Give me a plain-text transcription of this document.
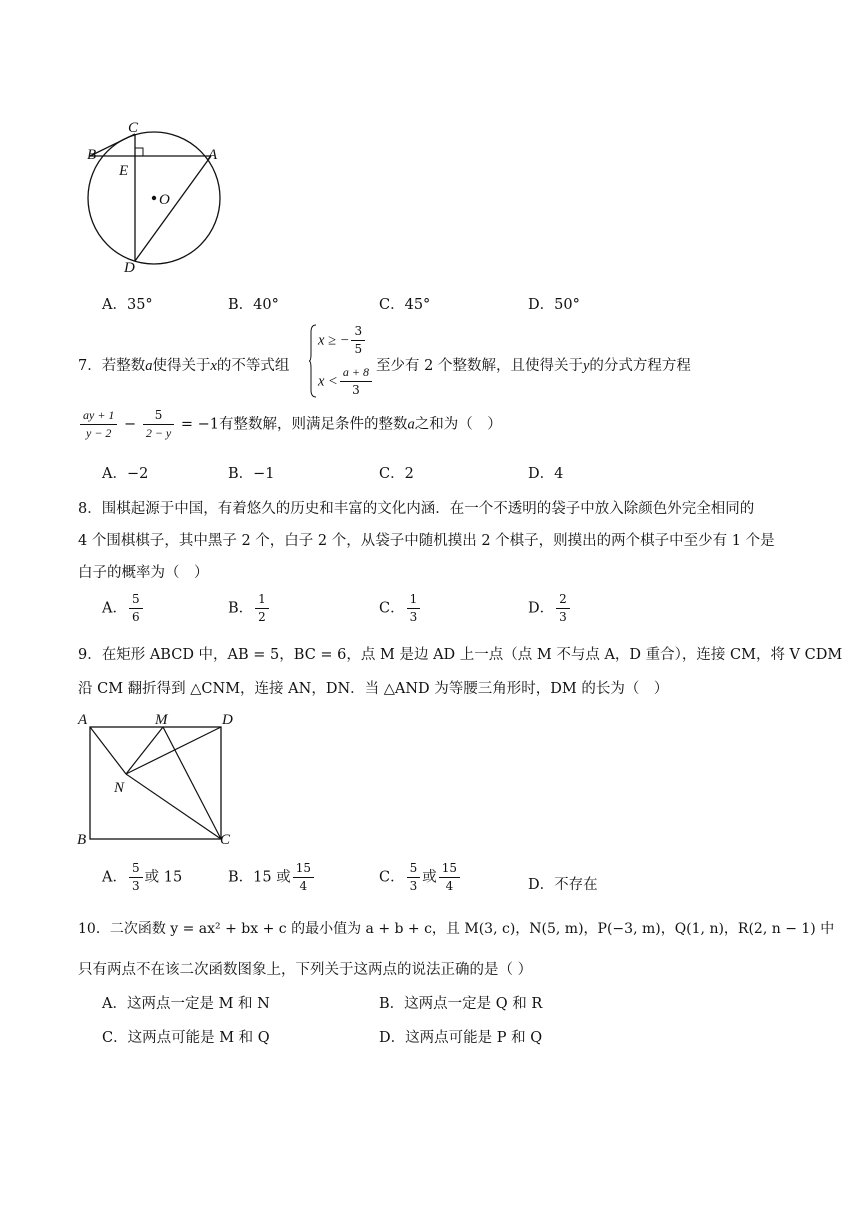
C
B	A
E
O
D
A．35°	B．40°	C．45°	D．50°
7．若整数a使得关于x的不等式组
x ≥ − $\frac{3}{5}$
$x < \frac{a + 8}{3}$ 至少有 2 个整数解，且使得关于y的分式方程方程
$\frac{ay + 1}{y - 2} - \frac{5}{2 - y} = -1$有整数解，则满足条件的整数a之和为（　）
A．−2	B．−1	C．2	D．4
8．围棋起源于中国，有着悠久的历史和丰富的文化内涵．在一个不透明的袋子中放入除颜色外完全相同的
4 个围棋棋子，其中黑子 2 个，白子 2 个，从袋子中随机摸出 2 个棋子，则摸出的两个棋子中至少有 1 个是
白子的概率为（　）
A． $\frac{5}{6}$	B． $\frac{1}{2}$	C． $\frac{1}{3}$	D． $\frac{2}{3}$
9．在矩形 ABCD 中，AB = 5，BC = 6，点 M 是边 AD 上一点（点 M 不与点 A，D 重合），连接 CM，将 V CDM
沿 CM 翻折得到 △CNM，连接 AN，DN．当 △AND 为等腰三角形时，DM 的长为（　）
A	M	D
N
B	C
A． $\frac{5}{3}$ 或 15	B．15 或 $\frac{15}{4}$	C． $\frac{5}{3}$ 或 $\frac{15}{4}$	D．不存在
10．二次函数 y = ax² + bx + c 的最小值为 a + b + c，且 M(3, c)，N(5, m)，P(−3, m)，Q(1, n)，R(2, n − 1) 中
只有两点不在该二次函数图象上，下列关于这两点的说法正确的是（ ）
A．这两点一定是 M 和 N	B．这两点一定是 Q 和 R
C．这两点可能是 M 和 Q	D．这两点可能是 P 和 Q
